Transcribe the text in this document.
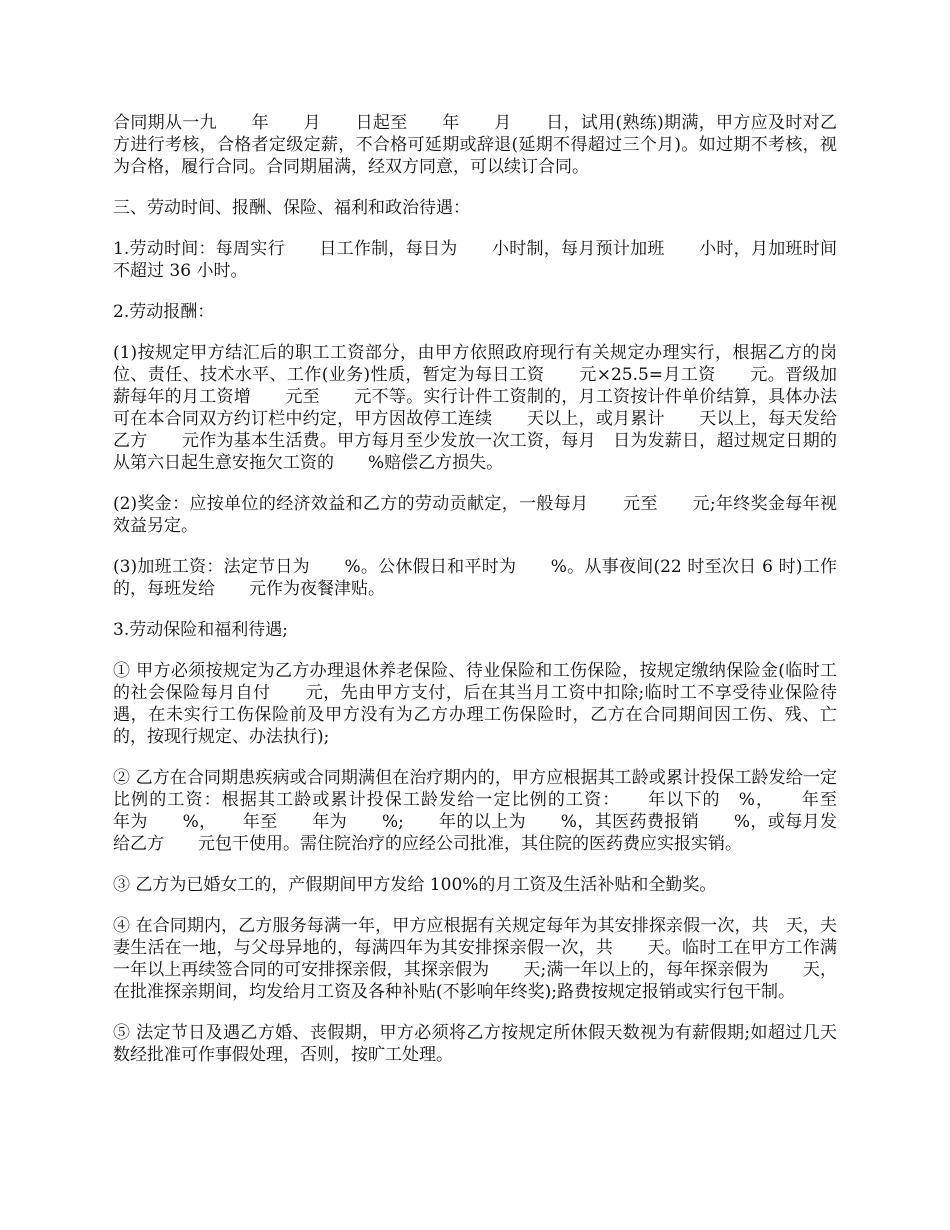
合同期从一九　　年　　月　　日起至　　年　　月　　日，试用(熟练)期满，甲方应及时对乙方进行考核，合格者定级定薪，不合格可延期或辞退(延期不得超过三个月)。如过期不考核，视为合格，履行合同。合同期届满，经双方同意，可以续订合同。

三、劳动时间、报酬、保险、福利和政治待遇：

1.劳动时间：每周实行　　日工作制，每日为　　小时制，每月预计加班　　小时，月加班时间不超过 36 小时。

2.劳动报酬：

(1)按规定甲方结汇后的职工工资部分，由甲方依照政府现行有关规定办理实行，根据乙方的岗位、责任、技术水平、工作(业务)性质，暂定为每日工资　　元×25.5=月工资　　元。晋级加薪每年的月工资增　　元至　　元不等。实行计件工资制的，月工资按计件单价结算，具体办法可在本合同双方约订栏中约定，甲方因故停工连续　　天以上，或月累计　　天以上，每天发给乙方　　元作为基本生活费。甲方每月至少发放一次工资，每月　日为发薪日，超过规定日期的从第六日起生意安拖欠工资的　　%赔偿乙方损失。

(2)奖金：应按单位的经济效益和乙方的劳动贡献定，一般每月　　元至　　元;年终奖金每年视效益另定。

(3)加班工资：法定节日为　　%。公休假日和平时为　　%。从事夜间(22 时至次日 6 时)工作的，每班发给　　元作为夜餐津贴。

3.劳动保险和福利待遇;

① 甲方必须按规定为乙方办理退休养老保险、待业保险和工伤保险，按规定缴纳保险金(临时工的社会保险每月自付　　元，先由甲方支付，后在其当月工资中扣除;临时工不享受待业保险待遇，在未实行工伤保险前及甲方没有为乙方办理工伤保险时，乙方在合同期间因工伤、残、亡的，按现行规定、办法执行);

② 乙方在合同期患疾病或合同期满但在治疗期内的，甲方应根据其工龄或累计投保工龄发给一定比例的工资：根据其工龄或累计投保工龄发给一定比例的工资：　　年以下的　%，　　年至　　年为　　%，　　年至　　年为　　%;　　年的以上为　　%，其医药费报销　　%，或每月发给乙方　　元包干使用。需住院治疗的应经公司批准，其住院的医药费应实报实销。

③ 乙方为已婚女工的，产假期间甲方发给 100%的月工资及生活补贴和全勤奖。

④ 在合同期内，乙方服务每满一年，甲方应根据有关规定每年为其安排探亲假一次，共　天，夫妻生活在一地，与父母异地的，每满四年为其安排探亲假一次，共　　天。临时工在甲方工作满一年以上再续签合同的可安排探亲假，其探亲假为　　天;满一年以上的，每年探亲假为　　天，在批准探亲期间，均发给月工资及各种补贴(不影响年终奖);路费按规定报销或实行包干制。

⑤ 法定节日及遇乙方婚、丧假期，甲方必须将乙方按规定所休假天数视为有薪假期;如超过几天数经批准可作事假处理，否则，按旷工处理。
